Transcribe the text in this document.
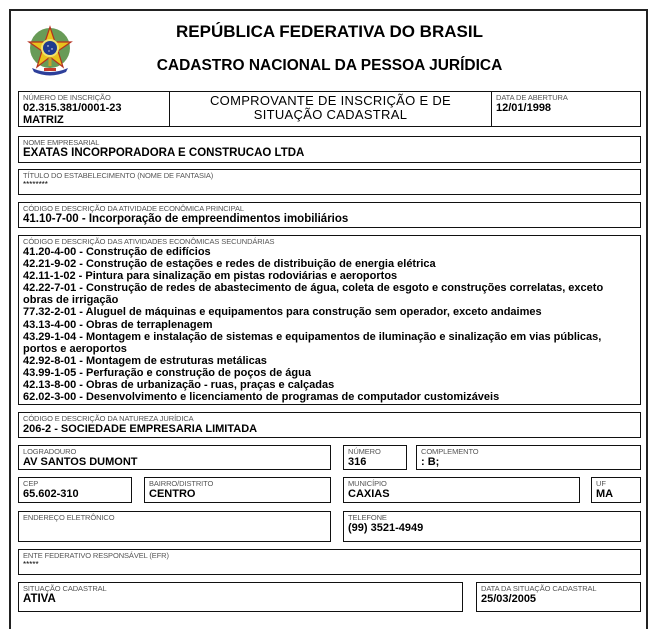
REPÚBLICA FEDERATIVA DO BRASIL
CADASTRO NACIONAL DA PESSOA JURÍDICA
NÚMERO DE INSCRIÇÃO
02.315.381/0001-23
MATRIZ
COMPROVANTE DE INSCRIÇÃO E DE
SITUAÇÃO CADASTRAL
DATA DE ABERTURA
12/01/1998
NOME EMPRESARIAL
EXATAS INCORPORADORA E CONSTRUCAO LTDA
TÍTULO DO ESTABELECIMENTO (NOME DE FANTASIA)
********
CÓDIGO E DESCRIÇÃO DA ATIVIDADE ECONÔMICA PRINCIPAL
41.10-7-00 - Incorporação de empreendimentos imobiliários
CÓDIGO E DESCRIÇÃO DAS ATIVIDADES ECONÔMICAS SECUNDÁRIAS
41.20-4-00 - Construção de edifícios
42.21-9-02 - Construção de estações e redes de distribuição de energia elétrica
42.11-1-02 - Pintura para sinalização em pistas rodoviárias e aeroportos
42.22-7-01 - Construção de redes de abastecimento de água, coleta de esgoto e construções correlatas, exceto obras de irrigação
77.32-2-01 - Aluguel de máquinas e equipamentos para construção sem operador, exceto andaimes
43.13-4-00 - Obras de terraplenagem
43.29-1-04 - Montagem e instalação de sistemas e equipamentos de iluminação e sinalização em vias públicas, portos e aeroportos
42.92-8-01 - Montagem de estruturas metálicas
43.99-1-05 - Perfuração e construção de poços de água
42.13-8-00 - Obras de urbanização - ruas, praças e calçadas
62.02-3-00 - Desenvolvimento e licenciamento de programas de computador customizáveis
CÓDIGO E DESCRIÇÃO DA NATUREZA JURÍDICA
206-2 - SOCIEDADE EMPRESARIA LIMITADA
LOGRADOURO
AV SANTOS DUMONT
NÚMERO
316
COMPLEMENTO
: B;
CEP
65.602-310
BAIRRO/DISTRITO
CENTRO
MUNICÍPIO
CAXIAS
UF
MA
ENDEREÇO ELETRÔNICO	TELEFONE
(99) 3521-4949
ENTE FEDERATIVO RESPONSÁVEL (EFR)
*****
SITUAÇÃO CADASTRAL
ATIVA
DATA DA SITUAÇÃO CADASTRAL
25/03/2005
